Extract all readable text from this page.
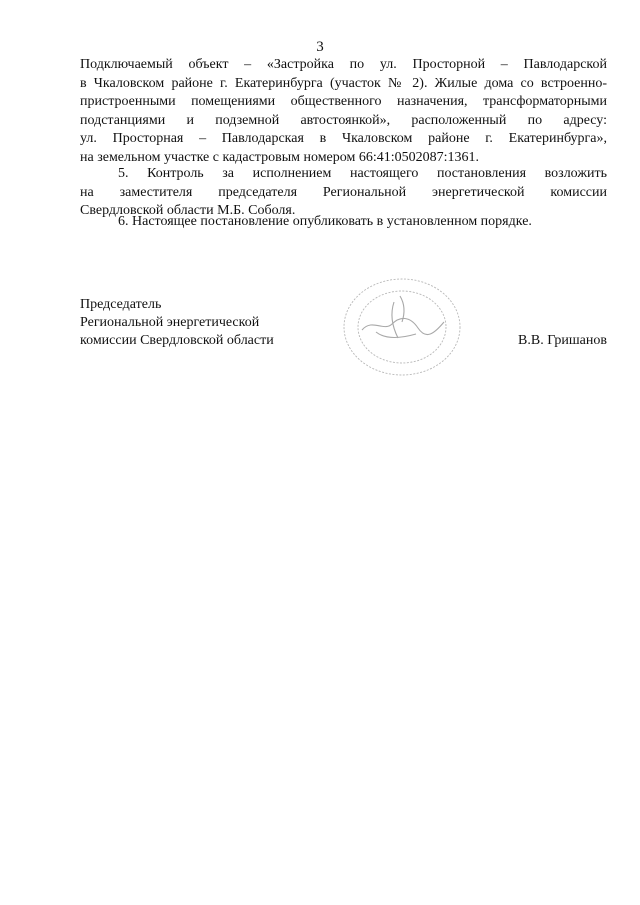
3
Подключаемый объект – «Застройка по ул. Просторной – Павлодарской
в Чкаловском районе г. Екатеринбурга (участок № 2). Жилые дома со встроенно-
пристроенными помещениями общественного назначения, трансформаторными
подстанциями и подземной автостоянкой», расположенный по адресу:
ул. Просторная – Павлодарская в Чкаловском районе г. Екатеринбурга»,
на земельном участке с кадастровым номером 66:41:0502087:1361.
5. Контроль за исполнением настоящего постановления возложить
на заместителя председателя Региональной энергетической комиссии
Свердловской области М.Б. Соболя.
6. Настоящее постановление опубликовать в установленном порядке.
Председатель
Региональной энергетической
комиссии Свердловской области	В.В. Гришанов
